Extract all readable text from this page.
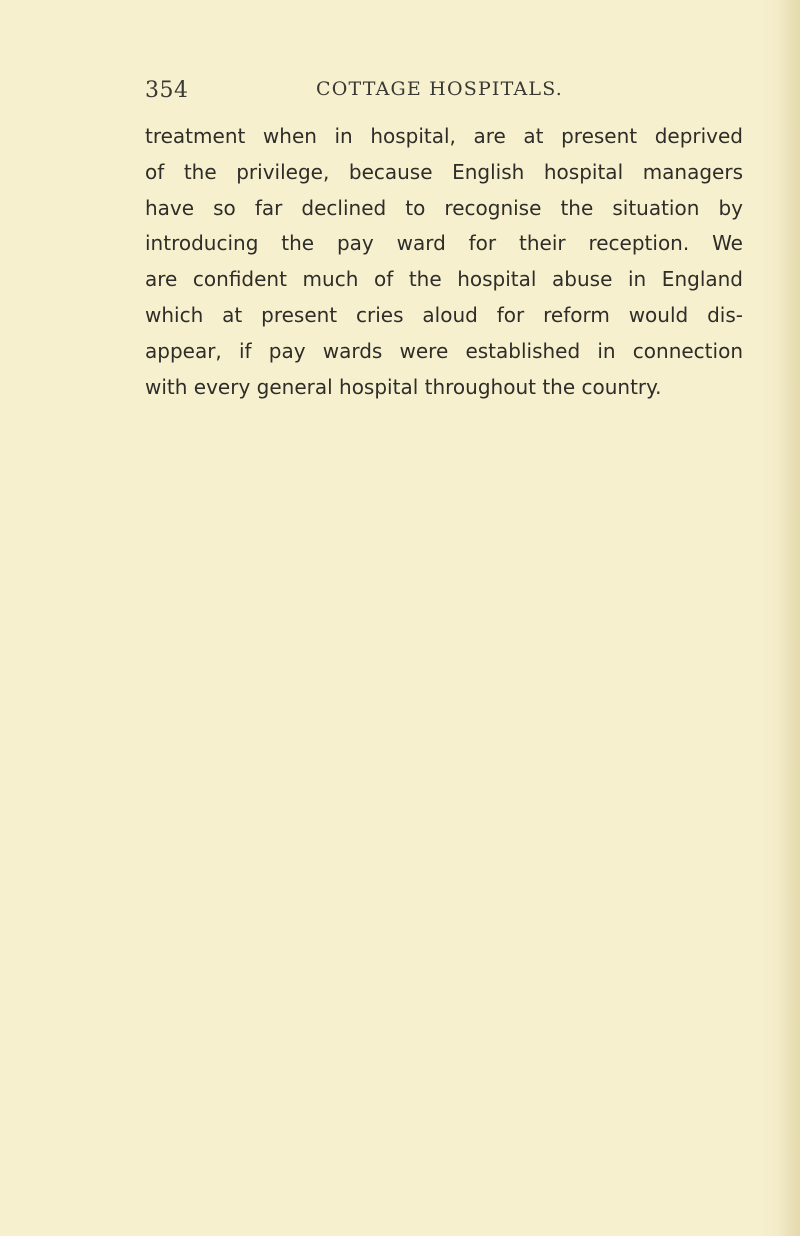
354	COTTAGE HOSPITALS.
treatment when in hospital, are at present deprived
of the privilege, because English hospital managers
have so far declined to recognise the situation by
introducing the pay ward for their reception. We
are confident much of the hospital abuse in England
which at present cries aloud for reform would dis-
appear, if pay wards were established in connection
with every general hospital throughout the country.
